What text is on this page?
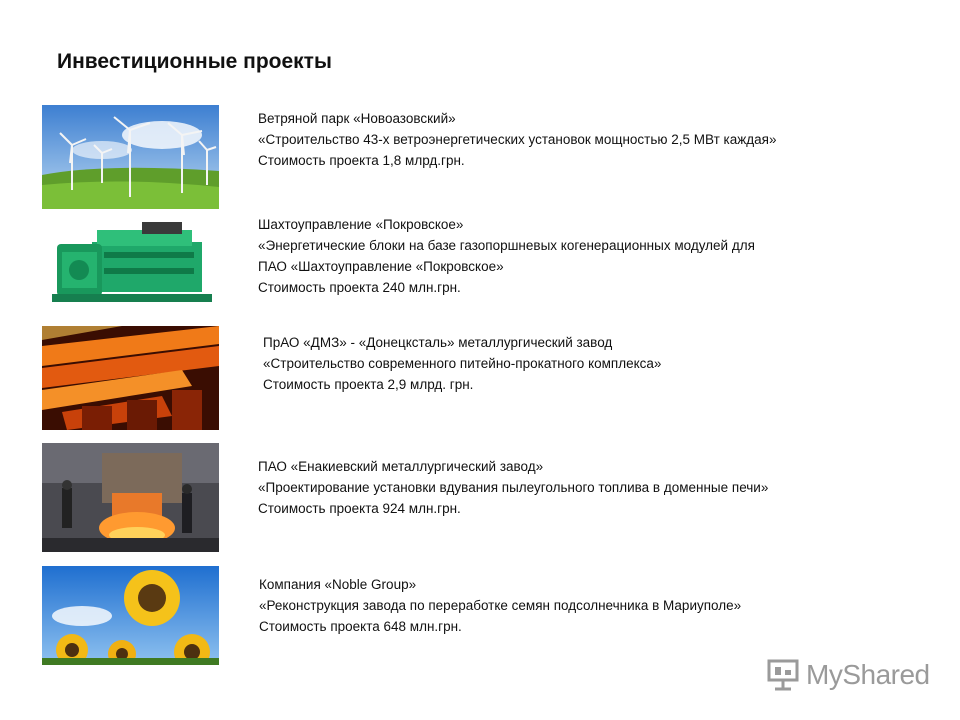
Инвестиционные проекты
Ветряной парк «Новоазовский»
«Строительство 43-х ветроэнергетических установок мощностью 2,5 МВт каждая»
Стоимость проекта 1,8 млрд.грн.
Шахтоуправление «Покровское»
«Энергетические блоки на базе газопоршневых когенерационных модулей для
ПАО «Шахтоуправление «Покровское»
Стоимость проекта 240 млн.грн.
ПрАО «ДМЗ» - «Донецксталь» металлургический завод
«Строительство современного питейно-прокатного комплекса»
Стоимость проекта 2,9 млрд. грн.
ПАО «Енакиевский металлургический завод»
«Проектирование установки вдувания пылеугольного топлива в доменные печи»
Стоимость проекта 924 млн.грн.
Компания «Noble Group»
«Реконструкция завода по переработке семян подсолнечника в Мариуполе»
Стоимость проекта 648 млн.грн.
MyShared
